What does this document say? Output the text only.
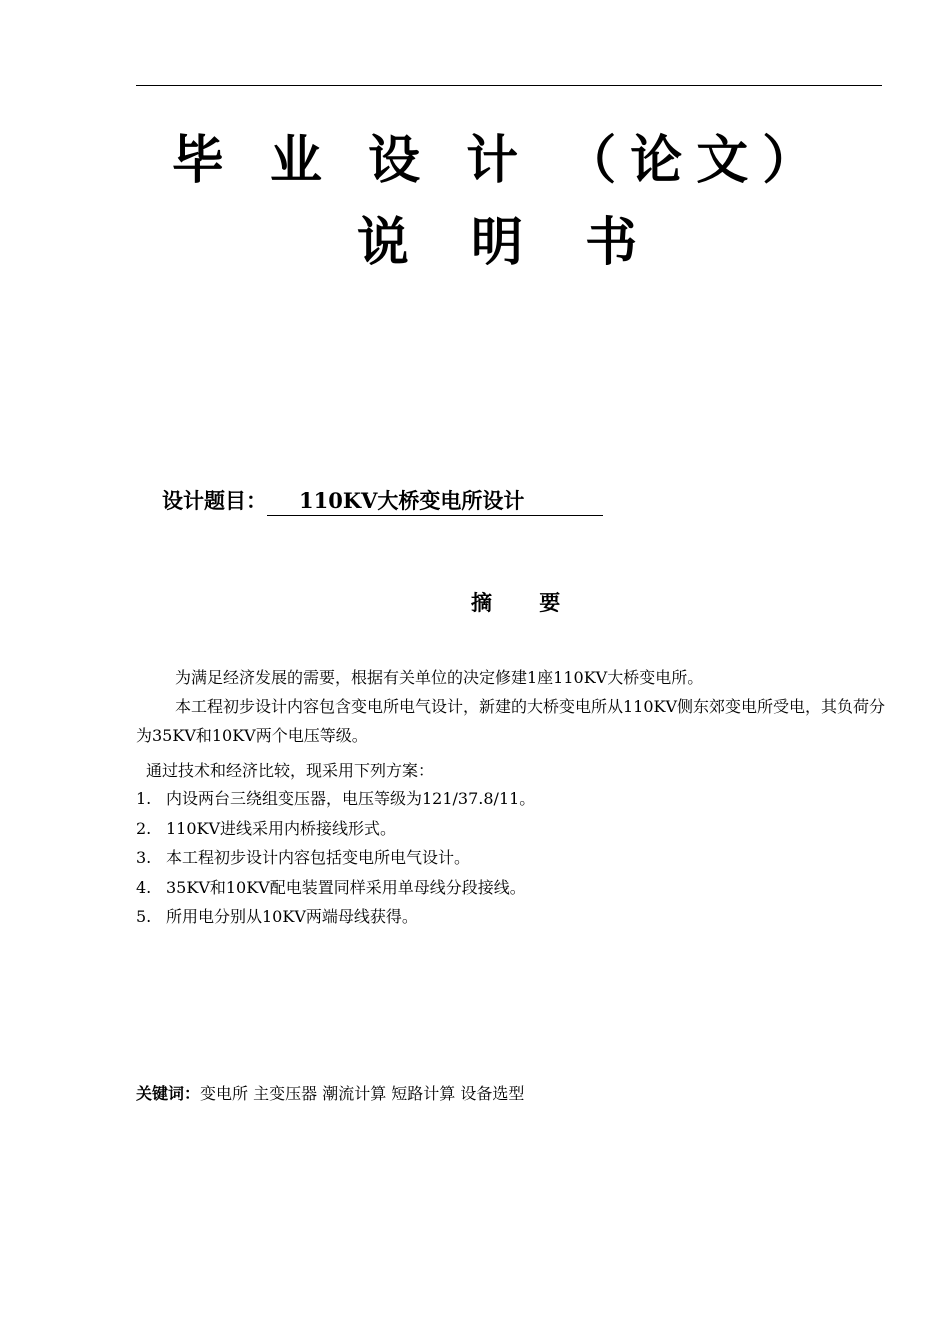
毕 业 设 计 （论文）
说 明 书
设计题目：	110KV大桥变电所设计
摘 要
为满足经济发展的需要，根据有关单位的决定修建1座110KV大桥变电所。
本工程初步设计内容包含变电所电气设计，新建的大桥变电所从110KV侧东郊变电所受电，其负荷分为35KV和10KV两个电压等级。
通过技术和经济比较，现采用下列方案：
1. 内设两台三绕组变压器，电压等级为121/37.8/11。
2. 110KV进线采用内桥接线形式。
3. 本工程初步设计内容包括变电所电气设计。
4. 35KV和10KV配电装置同样采用单母线分段接线。
5. 所用电分别从10KV两端母线获得。
关键词：变电所 主变压器 潮流计算 短路计算 设备选型
